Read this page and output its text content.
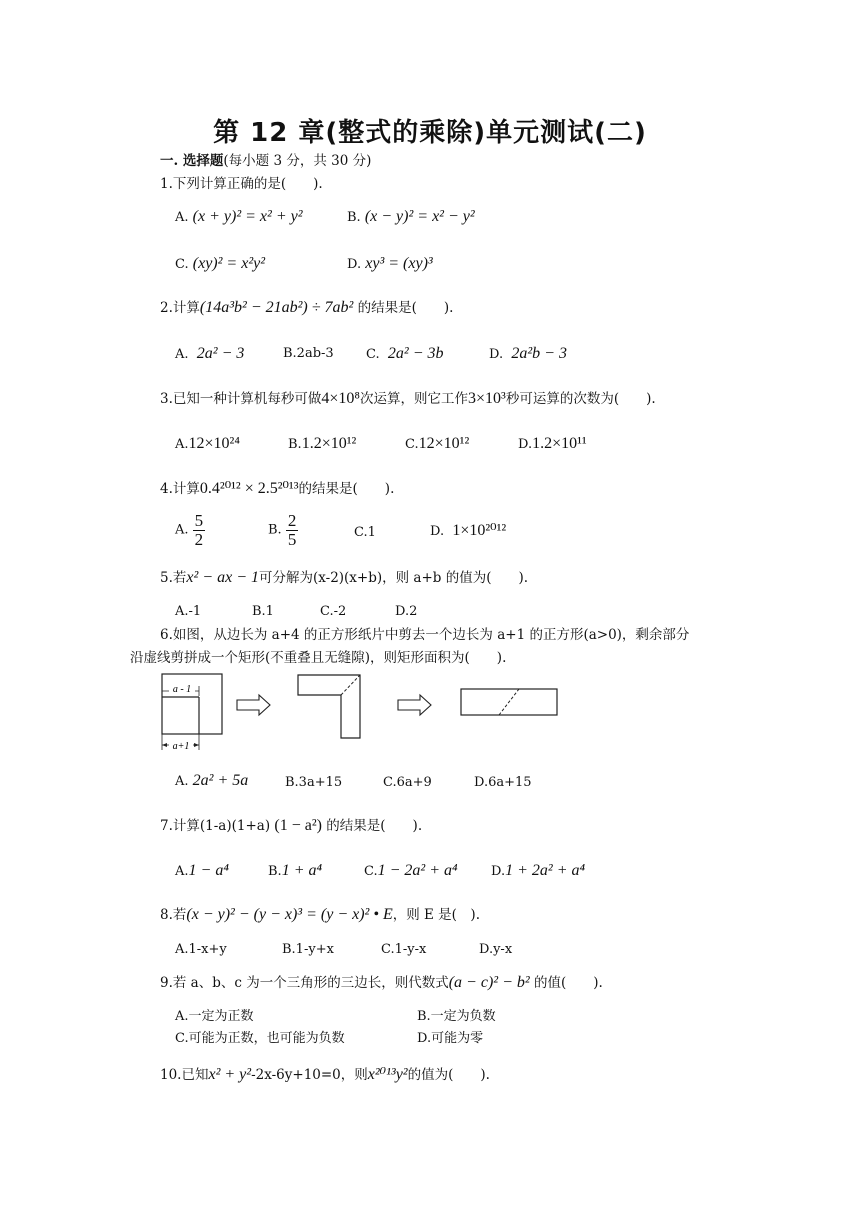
第 12 章(整式的乘除)单元测试(二)
一. 选择题(每小题 3 分，共 30 分)
1.下列计算正确的是(　　).
A. (x + y)² = x² + y²	B. (x − y)² = x² − y²
C. (xy)² = x²y²	D. xy³ = (xy)³
2.计算(14a³b² − 21ab²) ÷ 7ab² 的结果是(　　).
A. 2a² − 3	B.2ab-3 C. 2a² − 3b	D. 2a²b − 3
3.已知一种计算机每秒可做4×10⁸次运算，则它工作3×10³秒可运算的次数为(　　).
A.12×10²⁴	B.1.2×10¹²	C.12×10¹²	D.1.2×10¹¹
4.计算0.4²⁰¹² × 2.5²⁰¹³的结果是(　　).
A. $\frac{5}{2}$	B. $\frac{2}{5}$	C.1	D. 1×10²⁰¹²
5.若x² − ax − 1可分解为(x-2)(x+b)，则 a+b 的值为(　　).
A.-1	B.1	C.-2	D.2
6.如图，从边长为 a+4 的正方形纸片中剪去一个边长为 a+1 的正方形(a>0)，剩余部分
沿虚线剪拼成一个矩形(不重叠且无缝隙)，则矩形面积为(　　).
a - 1
a+1
A. 2a² + 5a	B.3a+15	C.6a+9	D.6a+15
7.计算(1-a)(1+a) (1 − a²) 的结果是(　　).
A.1 − a⁴	B.1 + a⁴	C.1 − 2a² + a⁴	D.1 + 2a² + a⁴
8.若(x − y)² − (y − x)³ = (y − x)² • E，则 E 是(　).
A.1-x+y	B.1-y+x	C.1-y-x	D.y-x
9.若 a、b、c 为一个三角形的三边长，则代数式(a − c)² − b² 的值(　　).
A.一定为正数	B.一定为负数
C.可能为正数，也可能为负数	D.可能为零
10.已知x² + y²-2x-6y+10=0，则x²⁰¹³y²的值为(　　).
